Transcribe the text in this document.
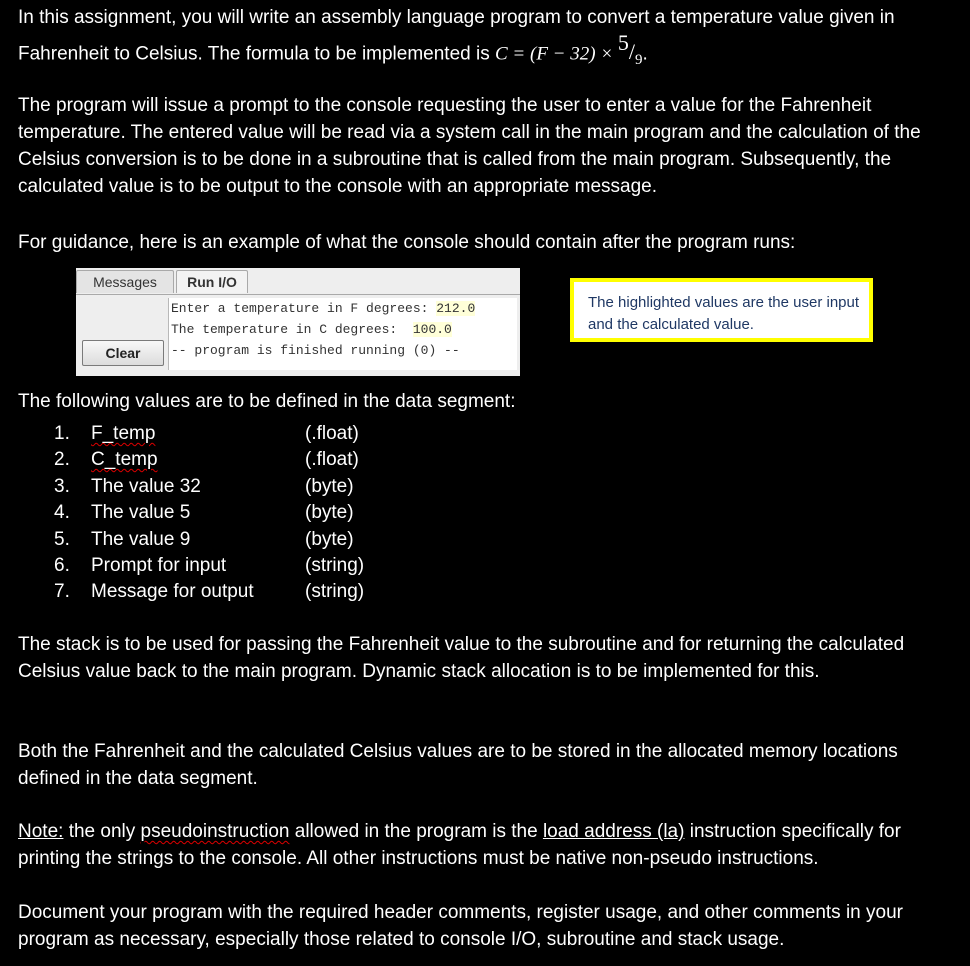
In this assignment, you will write an assembly language program to convert a temperature value given in Fahrenheit to Celsius. The formula to be implemented is $C = (F - 32) \times ^5/_9$.

The program will issue a prompt to the console requesting the user to enter a value for the Fahrenheit temperature. The entered value will be read via a system call in the main program and the calculation of the Celsius conversion is to be done in a subroutine that is called from the main program. Subsequently, the calculated value is to be output to the console with an appropriate message.

For guidance, here is an example of what the console should contain after the program runs:

Messages	Run I/O
Clear
Enter a temperature in F degrees: 212.0
The temperature in C degrees:  100.0
-- program is finished running (0) --
The highlighted values are the user input and the calculated value.

The following values are to be defined in the data segment:

1.	F_temp	(.float)
2.	C_temp	(.float)
3.	The value 32	(byte)
4.	The value 5	(byte)
5.	The value 9	(byte)
6.	Prompt for input	(string)
7.	Message for output	(string)

The stack is to be used for passing the Fahrenheit value to the subroutine and for returning the calculated Celsius value back to the main program. Dynamic stack allocation is to be implemented for this.

Both the Fahrenheit and the calculated Celsius values are to be stored in the allocated memory locations defined in the data segment.

Note: the only pseudoinstruction allowed in the program is the load address (la) instruction specifically for printing the strings to the console. All other instructions must be native non-pseudo instructions.

Document your program with the required header comments, register usage, and other comments in your program as necessary, especially those related to console I/O, subroutine and stack usage.
